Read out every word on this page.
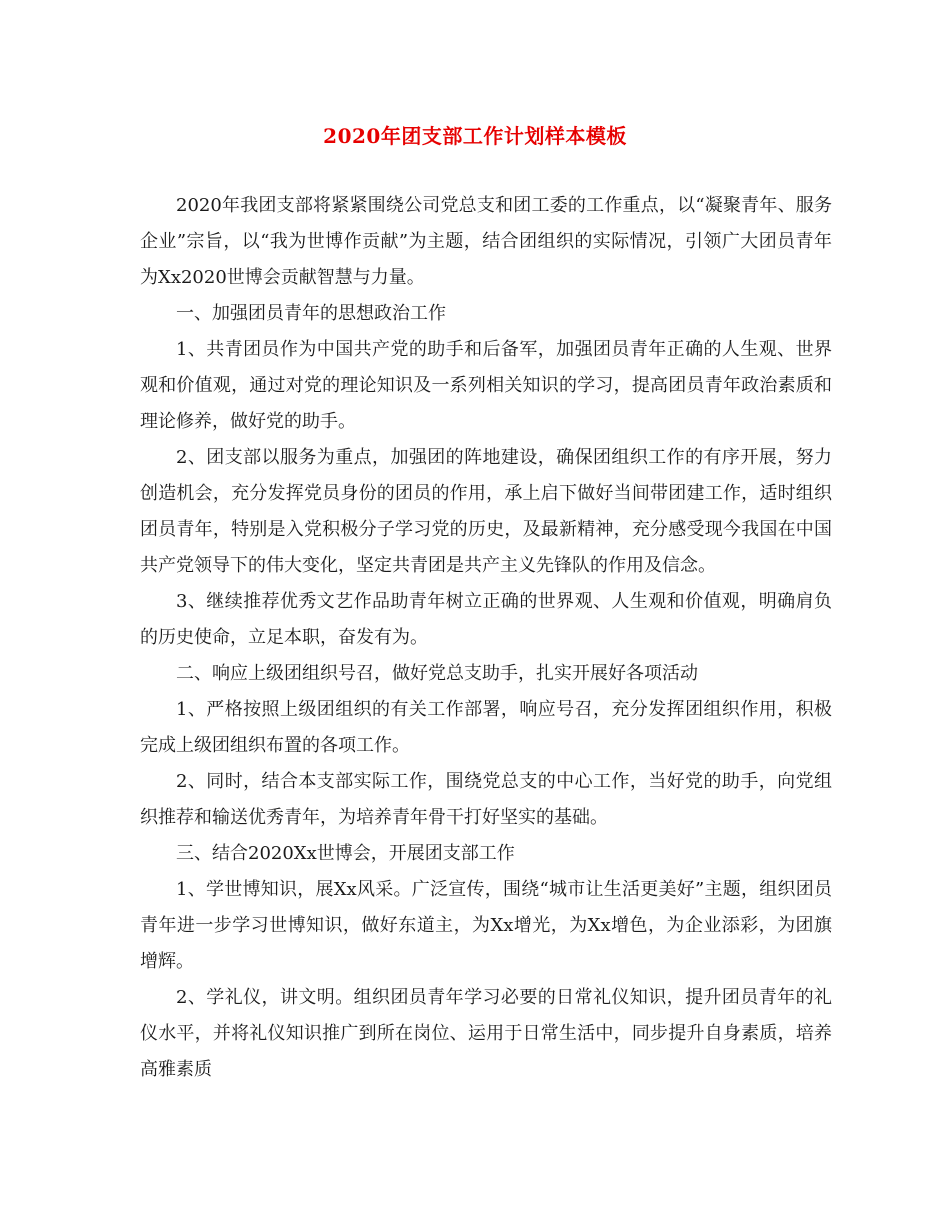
2020年团支部工作计划样本模板

2020年我团支部将紧紧围绕公司党总支和团工委的工作重点，以“凝聚青年、服务企业”宗旨，以“我为世博作贡献”为主题，结合团组织的实际情况，引领广大团员青年为Xx2020世博会贡献智慧与力量。

一、加强团员青年的思想政治工作

1、共青团员作为中国共产党的助手和后备军，加强团员青年正确的人生观、世界观和价值观，通过对党的理论知识及一系列相关知识的学习，提高团员青年政治素质和理论修养，做好党的助手。

2、团支部以服务为重点，加强团的阵地建设，确保团组织工作的有序开展，努力创造机会，充分发挥党员身份的团员的作用，承上启下做好当间带团建工作，适时组织团员青年，特别是入党积极分子学习党的历史，及最新精神，充分感受现今我国在中国共产党领导下的伟大变化，坚定共青团是共产主义先锋队的作用及信念。

3、继续推荐优秀文艺作品助青年树立正确的世界观、人生观和价值观，明确肩负的历史使命，立足本职，奋发有为。

二、响应上级团组织号召，做好党总支助手，扎实开展好各项活动

1、严格按照上级团组织的有关工作部署，响应号召，充分发挥团组织作用，积极完成上级团组织布置的各项工作。

2、同时，结合本支部实际工作，围绕党总支的中心工作，当好党的助手，向党组织推荐和输送优秀青年，为培养青年骨干打好坚实的基础。

三、结合2020Xx世博会，开展团支部工作

1、学世博知识，展Xx风采。广泛宣传，围绕“城市让生活更美好”主题，组织团员青年进一步学习世博知识，做好东道主，为Xx增光，为Xx增色，为企业添彩，为团旗增辉。

2、学礼仪，讲文明。组织团员青年学习必要的日常礼仪知识，提升团员青年的礼仪水平，并将礼仪知识推广到所在岗位、运用于日常生活中，同步提升自身素质，培养高雅素质
